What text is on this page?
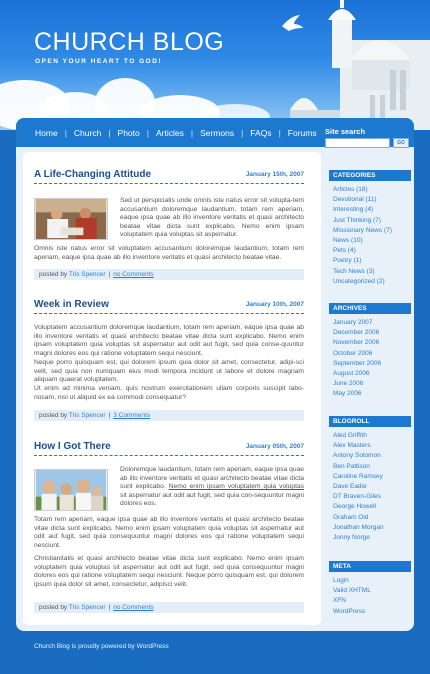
CHURCH BLOG
OPEN YOUR HEART TO GOD!
Home | Church | Photo | Articles | Sermons | FAQs | Forums Site search
GO
A Life-Changing Attitude	January 15th, 2007
Sed ut perspiciatis unde omnis iste natus error sit volupta-tem accusantium doloremque laudantium, totam rem aperiam, eaque ipsa quae ab illo inventore veritatis et quasi architecto beatae vitae dicta sunt explicabo. Nemo enim ipsam voluptatem quia voluptas sit aspernatur.
Omnis iste natus error sit voluptatem accusantium doloremque laudantium, totam rem aperiam, eaque ipsa quae ab illo inventore veritatis et quasi architecto beatae vitae.
posted by Tris Spencer | no Comments
Week in Review	January 10th, 2007
Voluptatem accusantium doloremque laudantium, totam rem aperiam, eaque ipsa quae ab illo inventore veritatis et quasi architecto beatae vitae dicta sunt explicabo. Nemo enim ipsam voluptatem quia voluptas sit aspernatur aut odit aut fugit, sed quia conse-quuntur magni dolores eos qui ratione voluptatem sequi nesciunt.
Neque porro quisquam est, qui dolorem ipsum quia dolor sit amet, consectetur, adipi-sci velit, sed quia non numquam eius modi tempora incidunt ut labore et dolore magnam aliquam quaerat voluptatem.
Ut enim ad minima veniam, quis nostrum exercitationem ullam corporis suscipit labo-riosam, nisi ut aliquid ex ea commodi consequatur?
posted by Tris Spencer | 3 Comments
How I Got There	January 05th, 2007
Doloremque laudantium, totam rem aperiam, eaque ipsa quae ab illo inventore veritatis et quasi architecto beatae vitae dicta sunt explicabo. Nemo enim ipsam voluptatem quia voluptas sit aspernatur aut odit aut fugit, sed quia con-sequuntur magni dolores eos.
Totam rem aperiam, eaque ipsa quae ab illo inventore veritatis et quasi architecto beatae vitae dicta sunt explicabo. Nemo enim ipsam voluptatem quia voluptas sit aspernatur aut odit aut fugit, sed quia consequuntur magni dolores eos qui ratione voluptatem sequi nesciunt.
Christianitatis et quasi architecto beatae vitae dicta sunt explicabo. Nemo enim ipsam voluptatem quia voluptas sit aspernatur aut odit aut fugit, sed quia consequuntur magni dolores eos qui ratione voluptatem sequi nesciunt. Neque porro quisquam est, qui dolorem ipsum quia dolor sit amet, consectetur, adipisci velit.
posted by Tris Spencer | no Comments
CATEGORIES
Articles (18)
Devotional (11)
Interesting (4)
Just Thinking (7)
Missionary News (7)
News (10)
Pets (4)
Poetry (1)
Tech News (3)
Uncategorized (2)
ARCHIVES
January 2007
December 2006
November 2006
October 2006
September 2006
August 2006
June 2006
May 2006
BLOGROLL
Aled Griffith
Alex Masters
Antony Solomon
Ben Pattison
Caroline Ramsey
Dave Eadie
DT Braven-Giles
George Howell
Graham Old
Jonathan Morgan
Jonny Norge
META
Login
Valid XHTML
XFN
WordPress
Church Blog is proudly powered by WordPress
